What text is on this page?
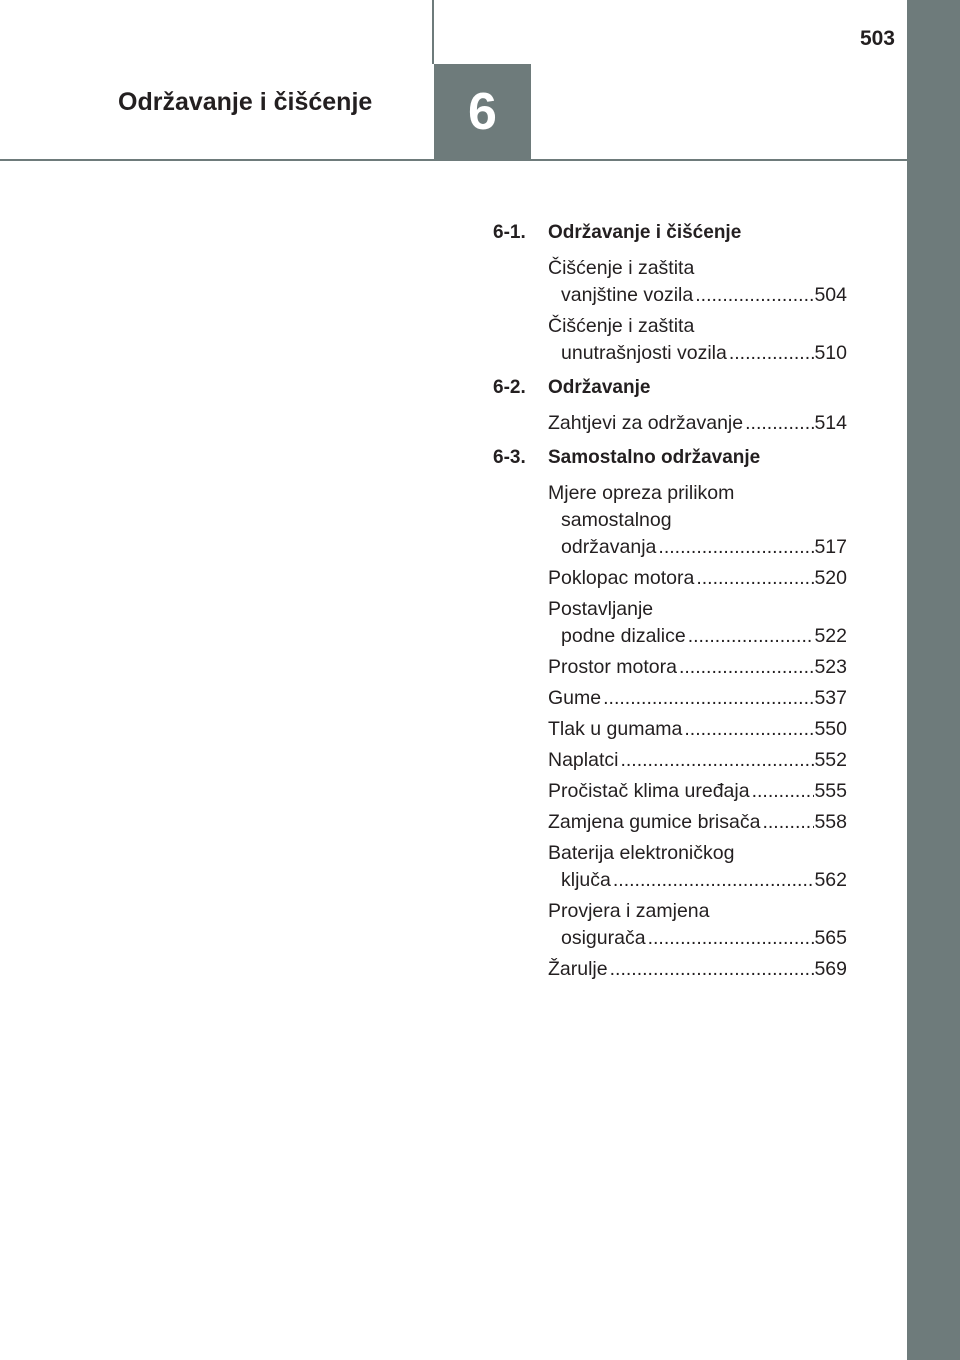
6
Održavanje i čišćenje
503
6-1.	Održavanje i čišćenje
Čišćenje i zaštita
vanjštine vozila .....	504
Čišćenje i zaštita
unutrašnjosti vozila .....	510
6-2.	Održavanje
Zahtjevi za održavanje .....	514
6-3.	Samostalno održavanje
Mjere opreza prilikom
samostalnog
održavanja .....	517
Poklopac motora .....	520
Postavljanje
podne dizalice .....	522
Prostor motora .....	523
Gume .....	537
Tlak u gumama .....	550
Naplatci .....	552
Pročistač klima uređaja .....	555
Zamjena gumice brisača .....	558
Baterija elektroničkog
ključa .....	562
Provjera i zamjena
osigurača .....	565
Žarulje .....	569
